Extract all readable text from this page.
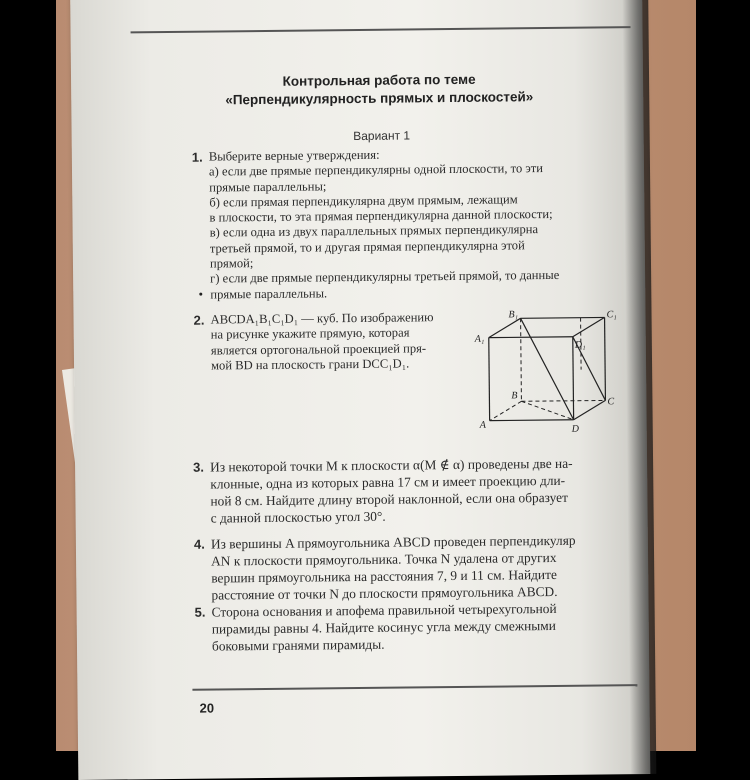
Контрольная работа по теме
«Перпендикулярность прямых и плоскостей»
Вариант 1
1. Выберите верные утверждения:
а) если две прямые перпендикулярны одной плоскости, то эти
прямые параллельны;
б) если прямая перпендикулярна двум прямым, лежащим
в плоскости, то эта прямая перпендикулярна данной плоскости;
в) если одна из двух параллельных прямых перпендикулярна
третьей прямой, то и другая прямая перпендикулярна этой
прямой;
г) если две прямые перпендикулярны третьей прямой, то данные
прямые параллельны.
2. ABCDA₁B₁C₁D₁ — куб. По изображению
на рисунке укажите прямую, которая
является ортогональной проекцией пря-
мой BD на плоскость грани DCC₁D₁.
B₁	C₁
A₁
D₁
B
C
A	D
3. Из некоторой точки M к плоскости α(M ∉ α) проведены две на-
клонные, одна из которых равна 17 см и имеет проекцию дли-
ной 8 см. Найдите длину второй наклонной, если она образует
с данной плоскостью угол 30°.
4. Из вершины A прямоугольника ABCD проведен перпендикуляр
AN к плоскости прямоугольника. Точка N удалена от других
вершин прямоугольника на расстояния 7, 9 и 11 см. Найдите
расстояние от точки N до плоскости прямоугольника ABCD.
5. Сторона основания и апофема правильной четырехугольной
пирамиды равны 4. Найдите косинус угла между смежными
боковыми гранями пирамиды.
20
